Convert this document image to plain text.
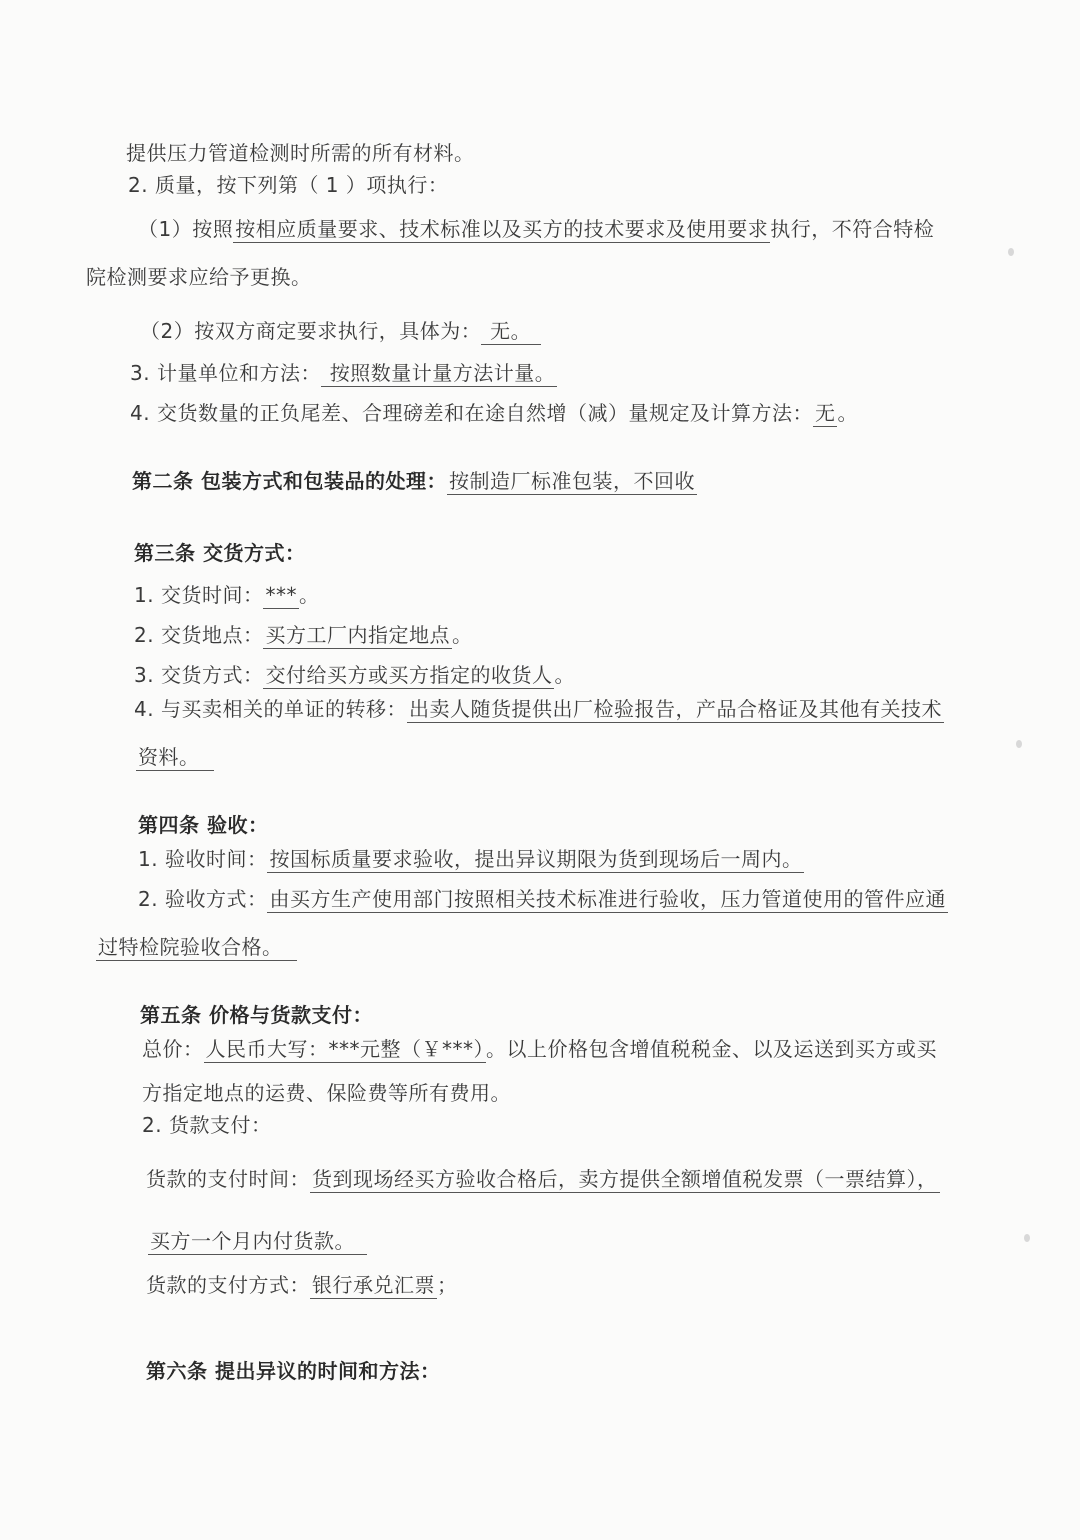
提供压力管道检测时所需的所有材料。
2. 质量，按下列第（ 1 ）项执行：
（1）按照 按相应质量要求、技术标准以及买方的技术要求及使用要求 执行，不符合特检
院检测要求应给予更换。
（2）按双方商定要求执行，具体为： 无。
3. 计量单位和方法： 按照数量计量方法计量。
4. 交货数量的正负尾差、合理磅差和在途自然增（减）量规定及计算方法： 无 。
第二条 包装方式和包装品的处理： 按制造厂标准包装，不回收
第三条 交货方式：
1. 交货时间： *** 。
2. 交货地点： 买方工厂内指定地点 。
3. 交货方式： 交付给买方或买方指定的收货人 。
4. 与买卖相关的单证的转移： 出卖人随货提供出厂检验报告，产品合格证及其他有关技术
资料。
第四条 验收：
1. 验收时间： 按国标质量要求验收，提出异议期限为货到现场后一周内。
2. 验收方式： 由买方生产使用部门按照相关技术标准进行验收，压力管道使用的管件应通
过特检院验收合格。
第五条 价格与货款支付：
总价： 人民币大写：***元整（￥***） 。以上价格包含增值税税金、以及运送到买方或买
方指定地点的运费、保险费等所有费用。
2. 货款支付：
货款的支付时间： 货到现场经买方验收合格后，卖方提供全额增值税发票（一票结算），
买方一个月内付货款。
货款的支付方式： 银行承兑汇票 ；
第六条 提出异议的时间和方法：
